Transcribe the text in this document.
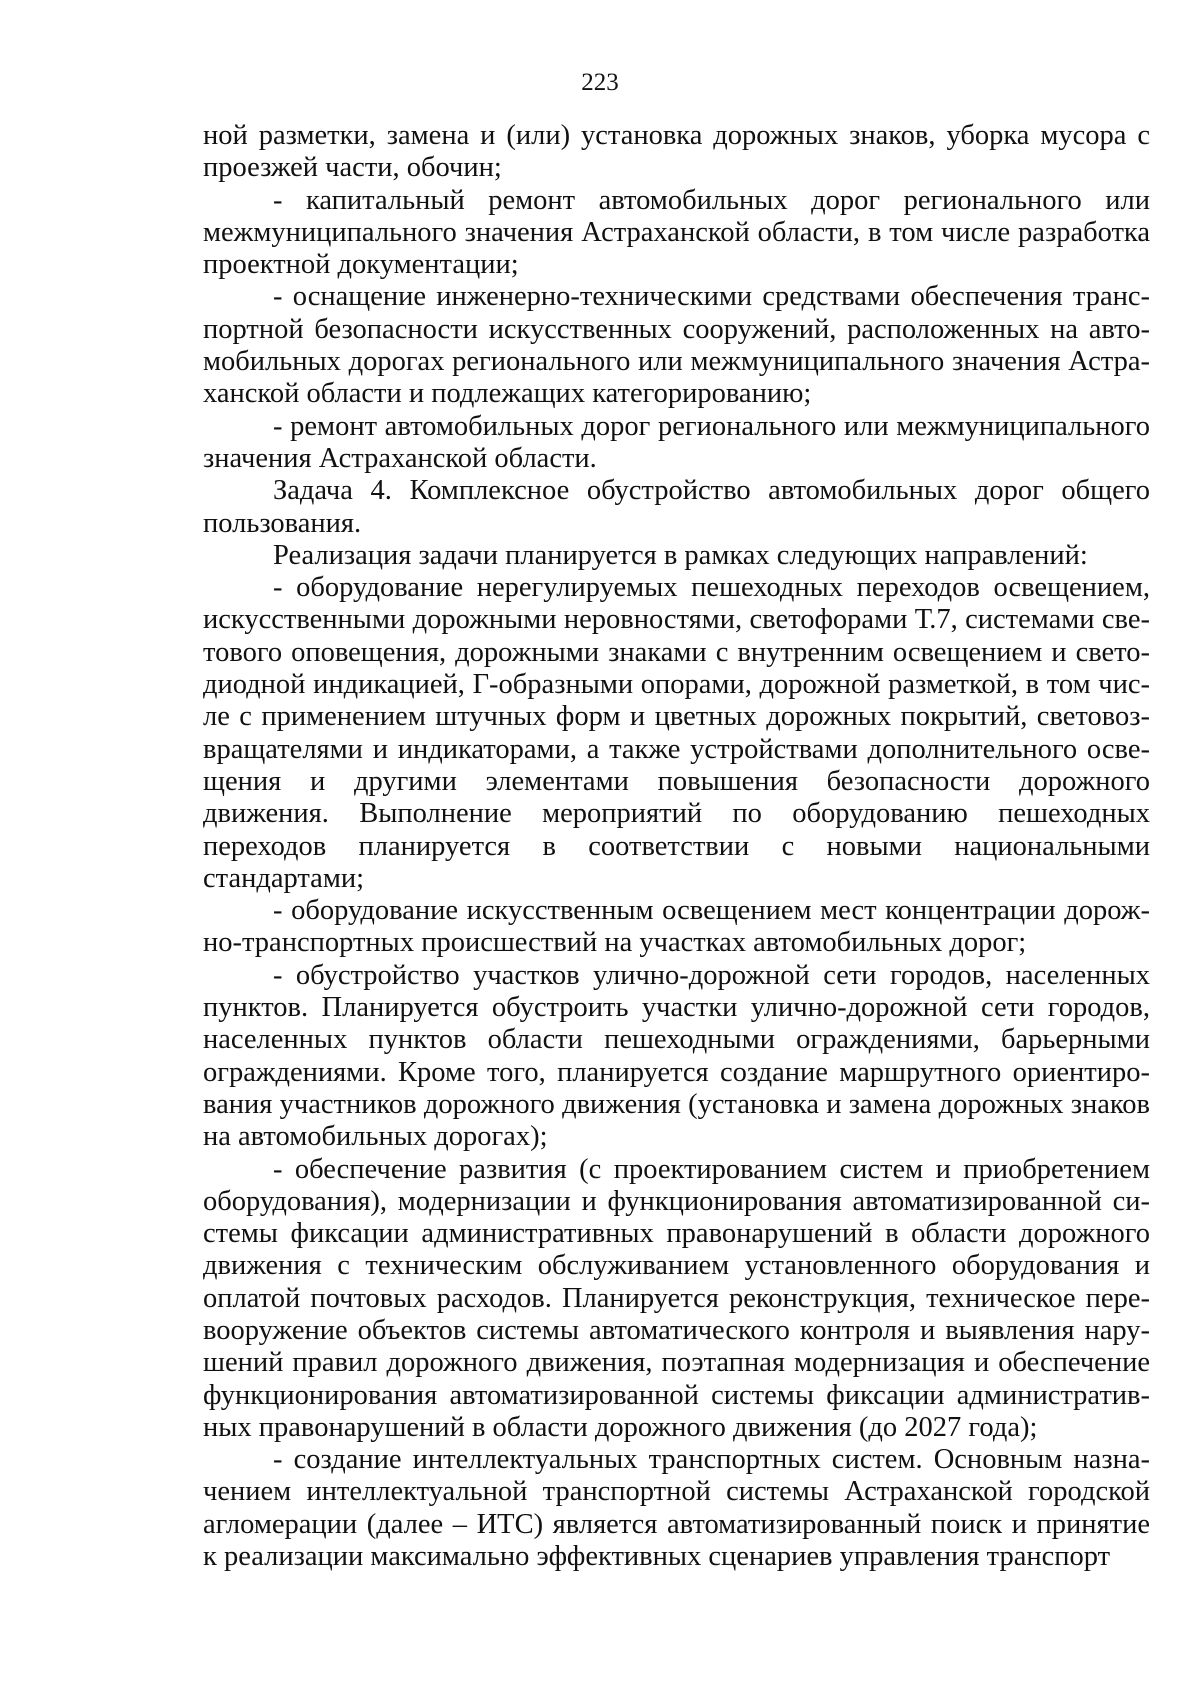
223

ной разметки, замена и (или) установка дорожных знаков, уборка мусора с проезжей части, обочин;

- капитальный ремонт автомобильных дорог регионального или межмуниципального значения Астраханской области, в том числе разработка проектной документации;

- оснащение инженерно-техническими средствами обеспечения транспортной безопасности искусственных сооружений, расположенных на автомобильных дорогах регионального или межмуниципального значения Астраханской области и подлежащих категорированию;

- ремонт автомобильных дорог регионального или межмуниципального значения Астраханской области.

Задача 4. Комплексное обустройство автомобильных дорог общего пользования.

Реализация задачи планируется в рамках следующих направлений:

- оборудование нерегулируемых пешеходных переходов освещением, искусственными дорожными неровностями, светофорами Т.7, системами светового оповещения, дорожными знаками с внутренним освещением и светодиодной индикацией, Г-образными опорами, дорожной разметкой, в том числе с применением штучных форм и цветных дорожных покрытий, световозвращателями и индикаторами, а также устройствами дополнительного освещения и другими элементами повышения безопасности дорожного движения. Выполнение мероприятий по оборудованию пешеходных переходов планируется в соответствии с новыми национальными стандартами;

- оборудование искусственным освещением мест концентрации дорожно-транспортных происшествий на участках автомобильных дорог;

- обустройство участков улично-дорожной сети городов, населенных пунктов. Планируется обустроить участки улично-дорожной сети городов, населенных пунктов области пешеходными ограждениями, барьерными ограждениями. Кроме того, планируется создание маршрутного ориентирования участников дорожного движения (установка и замена дорожных знаков на автомобильных дорогах);

- обеспечение развития (с проектированием систем и приобретением оборудования), модернизации и функционирования автоматизированной системы фиксации административных правонарушений в области дорожного движения с техническим обслуживанием установленного оборудования и оплатой почтовых расходов. Планируется реконструкция, техническое перевооружение объектов системы автоматического контроля и выявления нарушений правил дорожного движения, поэтапная модернизация и обеспечение функционирования автоматизированной системы фиксации административных правонарушений в области дорожного движения (до 2027 года);

- создание интеллектуальных транспортных систем. Основным назначением интеллектуальной транспортной системы Астраханской городской агломерации (далее – ИТС) является автоматизированный поиск и принятие к реализации максимально эффективных сценариев управления транспорт
